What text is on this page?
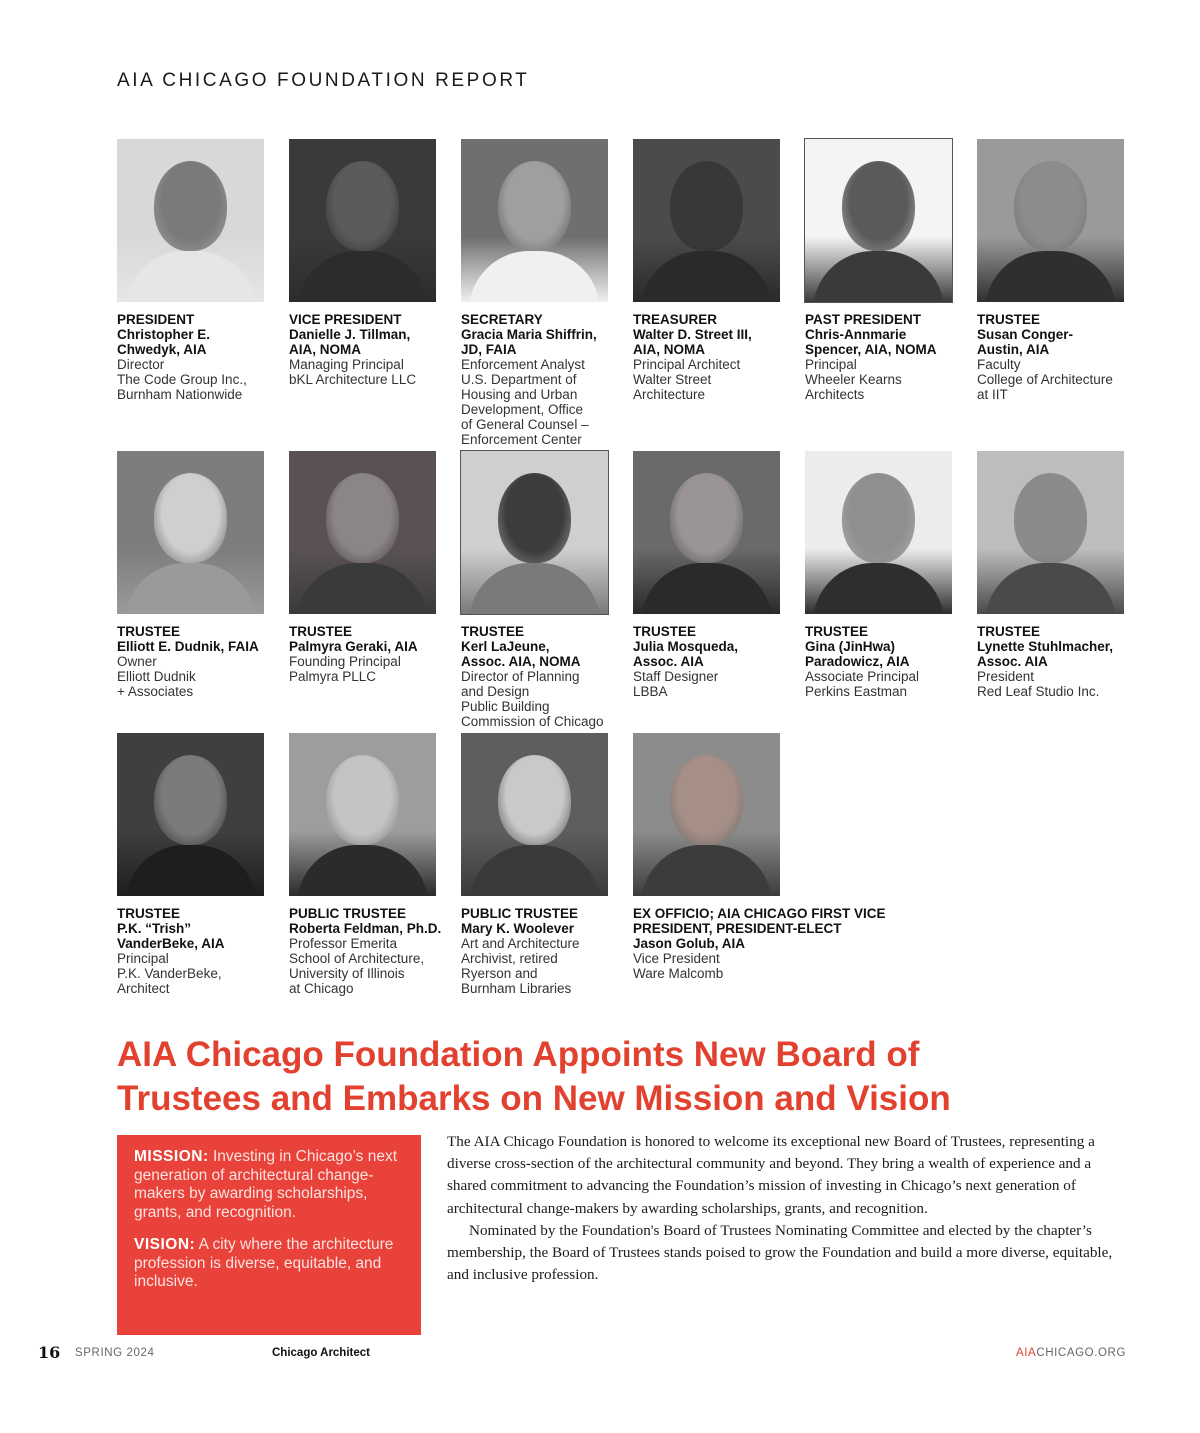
AIA CHICAGO FOUNDATION REPORT
PRESIDENT
Christopher E.
Chwedyk, AIA
Director
The Code Group Inc.,
Burnham Nationwide
VICE PRESIDENT
Danielle J. Tillman,
AIA, NOMA
Managing Principal
bKL Architecture LLC
SECRETARY
Gracia Maria Shiffrin,
JD, FAIA
Enforcement Analyst
U.S. Department of
Housing and Urban
Development, Office
of General Counsel –
Enforcement Center
TREASURER
Walter D. Street III,
AIA, NOMA
Principal Architect
Walter Street
Architecture
PAST PRESIDENT
Chris-Annmarie
Spencer, AIA, NOMA
Principal
Wheeler Kearns
Architects
TRUSTEE
Susan Conger-
Austin, AIA
Faculty
College of Architecture
at IIT
TRUSTEE
Elliott E. Dudnik, FAIA
Owner
Elliott Dudnik
+ Associates
TRUSTEE
Palmyra Geraki, AIA
Founding Principal
Palmyra PLLC
TRUSTEE
Kerl LaJeune,
Assoc. AIA, NOMA
Director of Planning
and Design
Public Building
Commission of Chicago
TRUSTEE
Julia Mosqueda,
Assoc. AIA
Staff Designer
LBBA
TRUSTEE
Gina (JinHwa)
Paradowicz, AIA
Associate Principal
Perkins Eastman
TRUSTEE
Lynette Stuhlmacher,
Assoc. AIA
President
Red Leaf Studio Inc.
TRUSTEE
P.K. “Trish”
VanderBeke, AIA
Principal
P.K. VanderBeke,
Architect
PUBLIC TRUSTEE
Roberta Feldman, Ph.D.
Professor Emerita
School of Architecture,
University of Illinois
at Chicago
PUBLIC TRUSTEE
Mary K. Woolever
Art and Architecture
Archivist, retired
Ryerson and
Burnham Libraries
EX OFFICIO; AIA CHICAGO FIRST VICE PRESIDENT, PRESIDENT-ELECT
Jason Golub, AIA
Vice President
Ware Malcomb
AIA Chicago Foundation Appoints New Board of
Trustees and Embarks on New Mission and Vision

MISSION: Investing in Chicago’s next generation of architectural change-makers by awarding scholarships, grants, and recognition.

VISION: A city where the architecture profession is diverse, equitable, and inclusive.

The AIA Chicago Foundation is honored to welcome its exceptional new Board of Trustees, representing a diverse cross-section of the architectural community and beyond. They bring a wealth of experience and a shared commitment to advancing the Foundation’s mission of investing in Chicago’s next generation of architectural change-makers by awarding scholarships, grants, and recognition.

Nominated by the Foundation's Board of Trustees Nominating Committee and elected by the chapter’s membership, the Board of Trustees stands poised to grow the Foundation and build a more diverse, equitable, and inclusive profession.

16 SPRING 2024	Chicago Architect	AIACHICAGO.ORG
